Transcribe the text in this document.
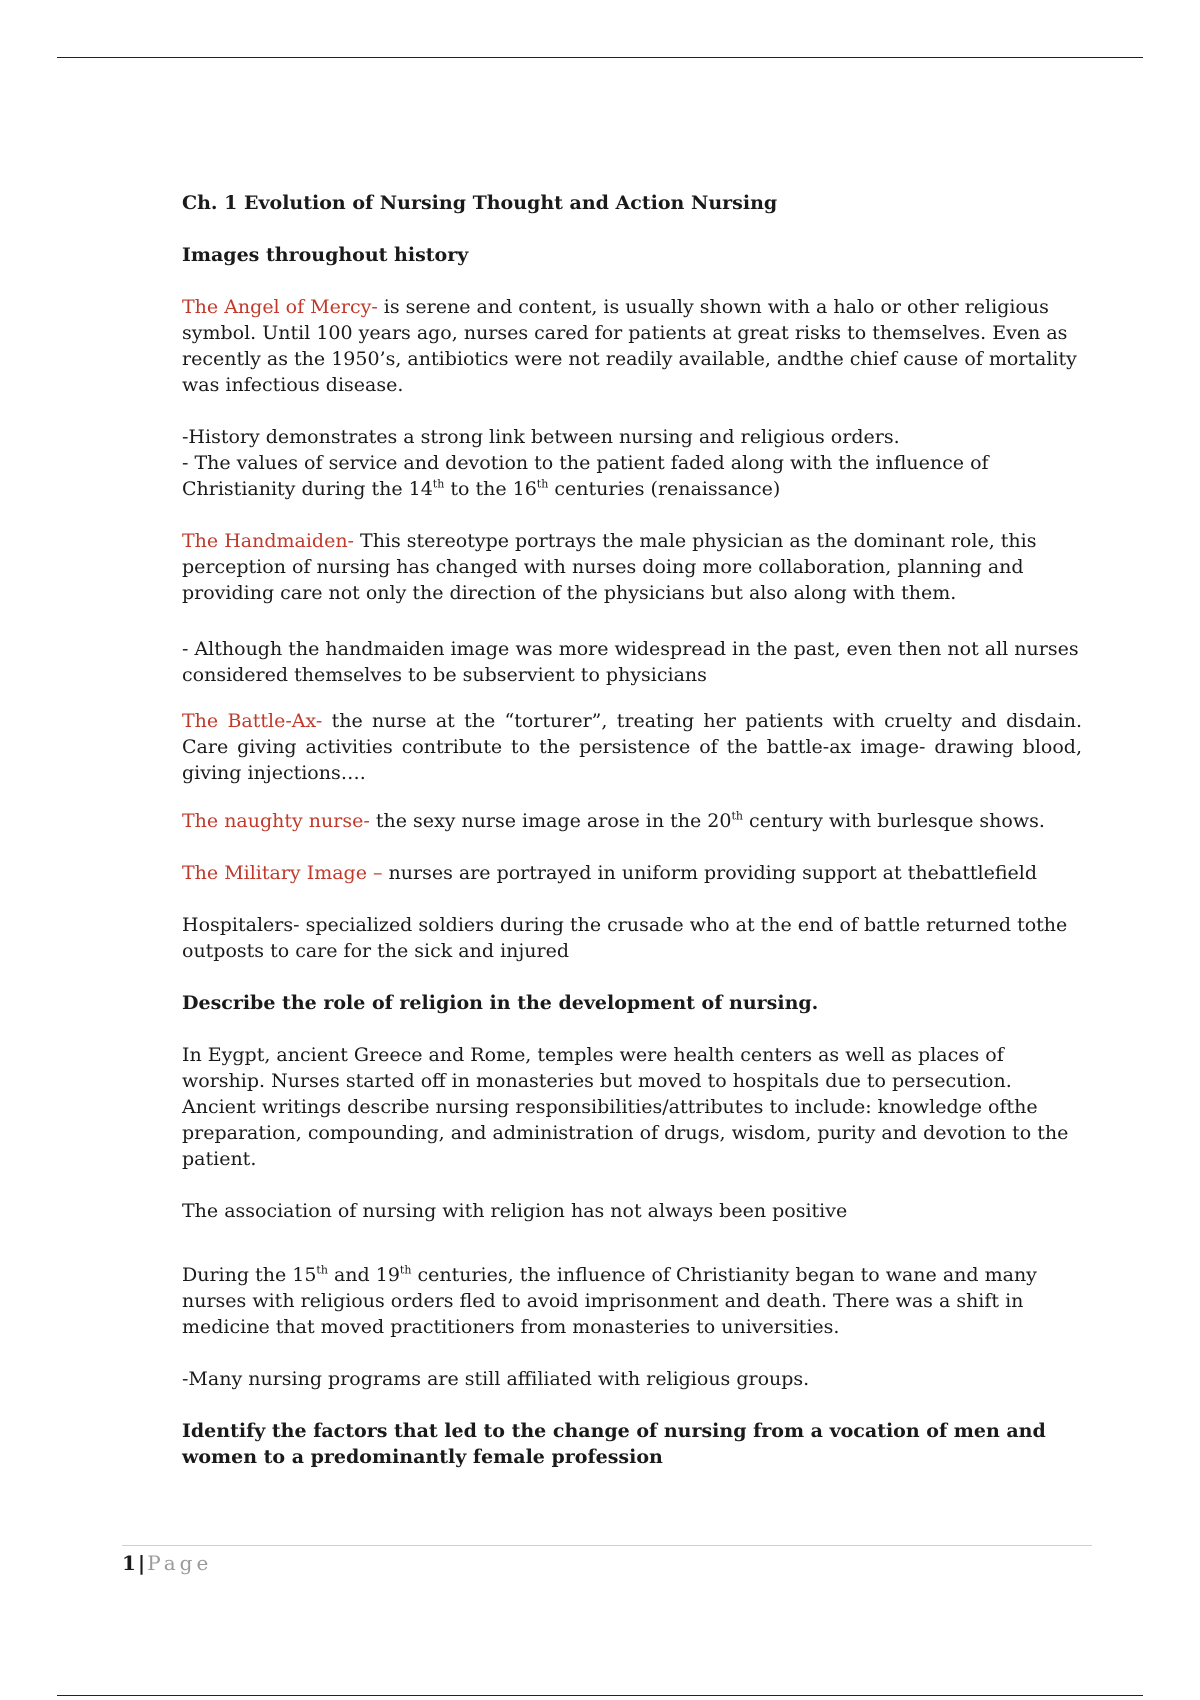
Ch. 1 Evolution of Nursing Thought and Action Nursing

Images throughout history

The Angel of Mercy- is serene and content, is usually shown with a halo or other religious symbol. Until 100 years ago, nurses cared for patients at great risks to themselves. Even as recently as the 1950’s, antibiotics were not readily available, andthe chief cause of mortality was infectious disease.

-History demonstrates a strong link between nursing and religious orders.

- The values of service and devotion to the patient faded along with the influence of Christianity during the 14th to the 16th centuries (renaissance)

The Handmaiden- This stereotype portrays the male physician as the dominant role, this perception of nursing has changed with nurses doing more collaboration, planning and providing care not only the direction of the physicians but also along with them.

- Although the handmaiden image was more widespread in the past, even then not all nurses considered themselves to be subservient to physicians

The Battle-Ax- the nurse at the “torturer”, treating her patients with cruelty and disdain. Care giving activities contribute to the persistence of the battle-ax image- drawing blood, giving injections….

The naughty nurse- the sexy nurse image arose in the 20th century with burlesque shows.

The Military Image – nurses are portrayed in uniform providing support at thebattlefield

Hospitalers- specialized soldiers during the crusade who at the end of battle returned tothe outposts to care for the sick and injured

Describe the role of religion in the development of nursing.

In Eygpt, ancient Greece and Rome, temples were health centers as well as places of worship. Nurses started off in monasteries but moved to hospitals due to persecution. Ancient writings describe nursing responsibilities/attributes to include: knowledge ofthe preparation, compounding, and administration of drugs, wisdom, purity and devotion to the patient.

The association of nursing with religion has not always been positive

During the 15th and 19th centuries, the influence of Christianity began to wane and many nurses with religious orders fled to avoid imprisonment and death. There was a shift in medicine that moved practitioners from monasteries to universities.

-Many nursing programs are still affiliated with religious groups.

Identify the factors that led to the change of nursing from a vocation of men and women to a predominantly female profession

1 | Page
